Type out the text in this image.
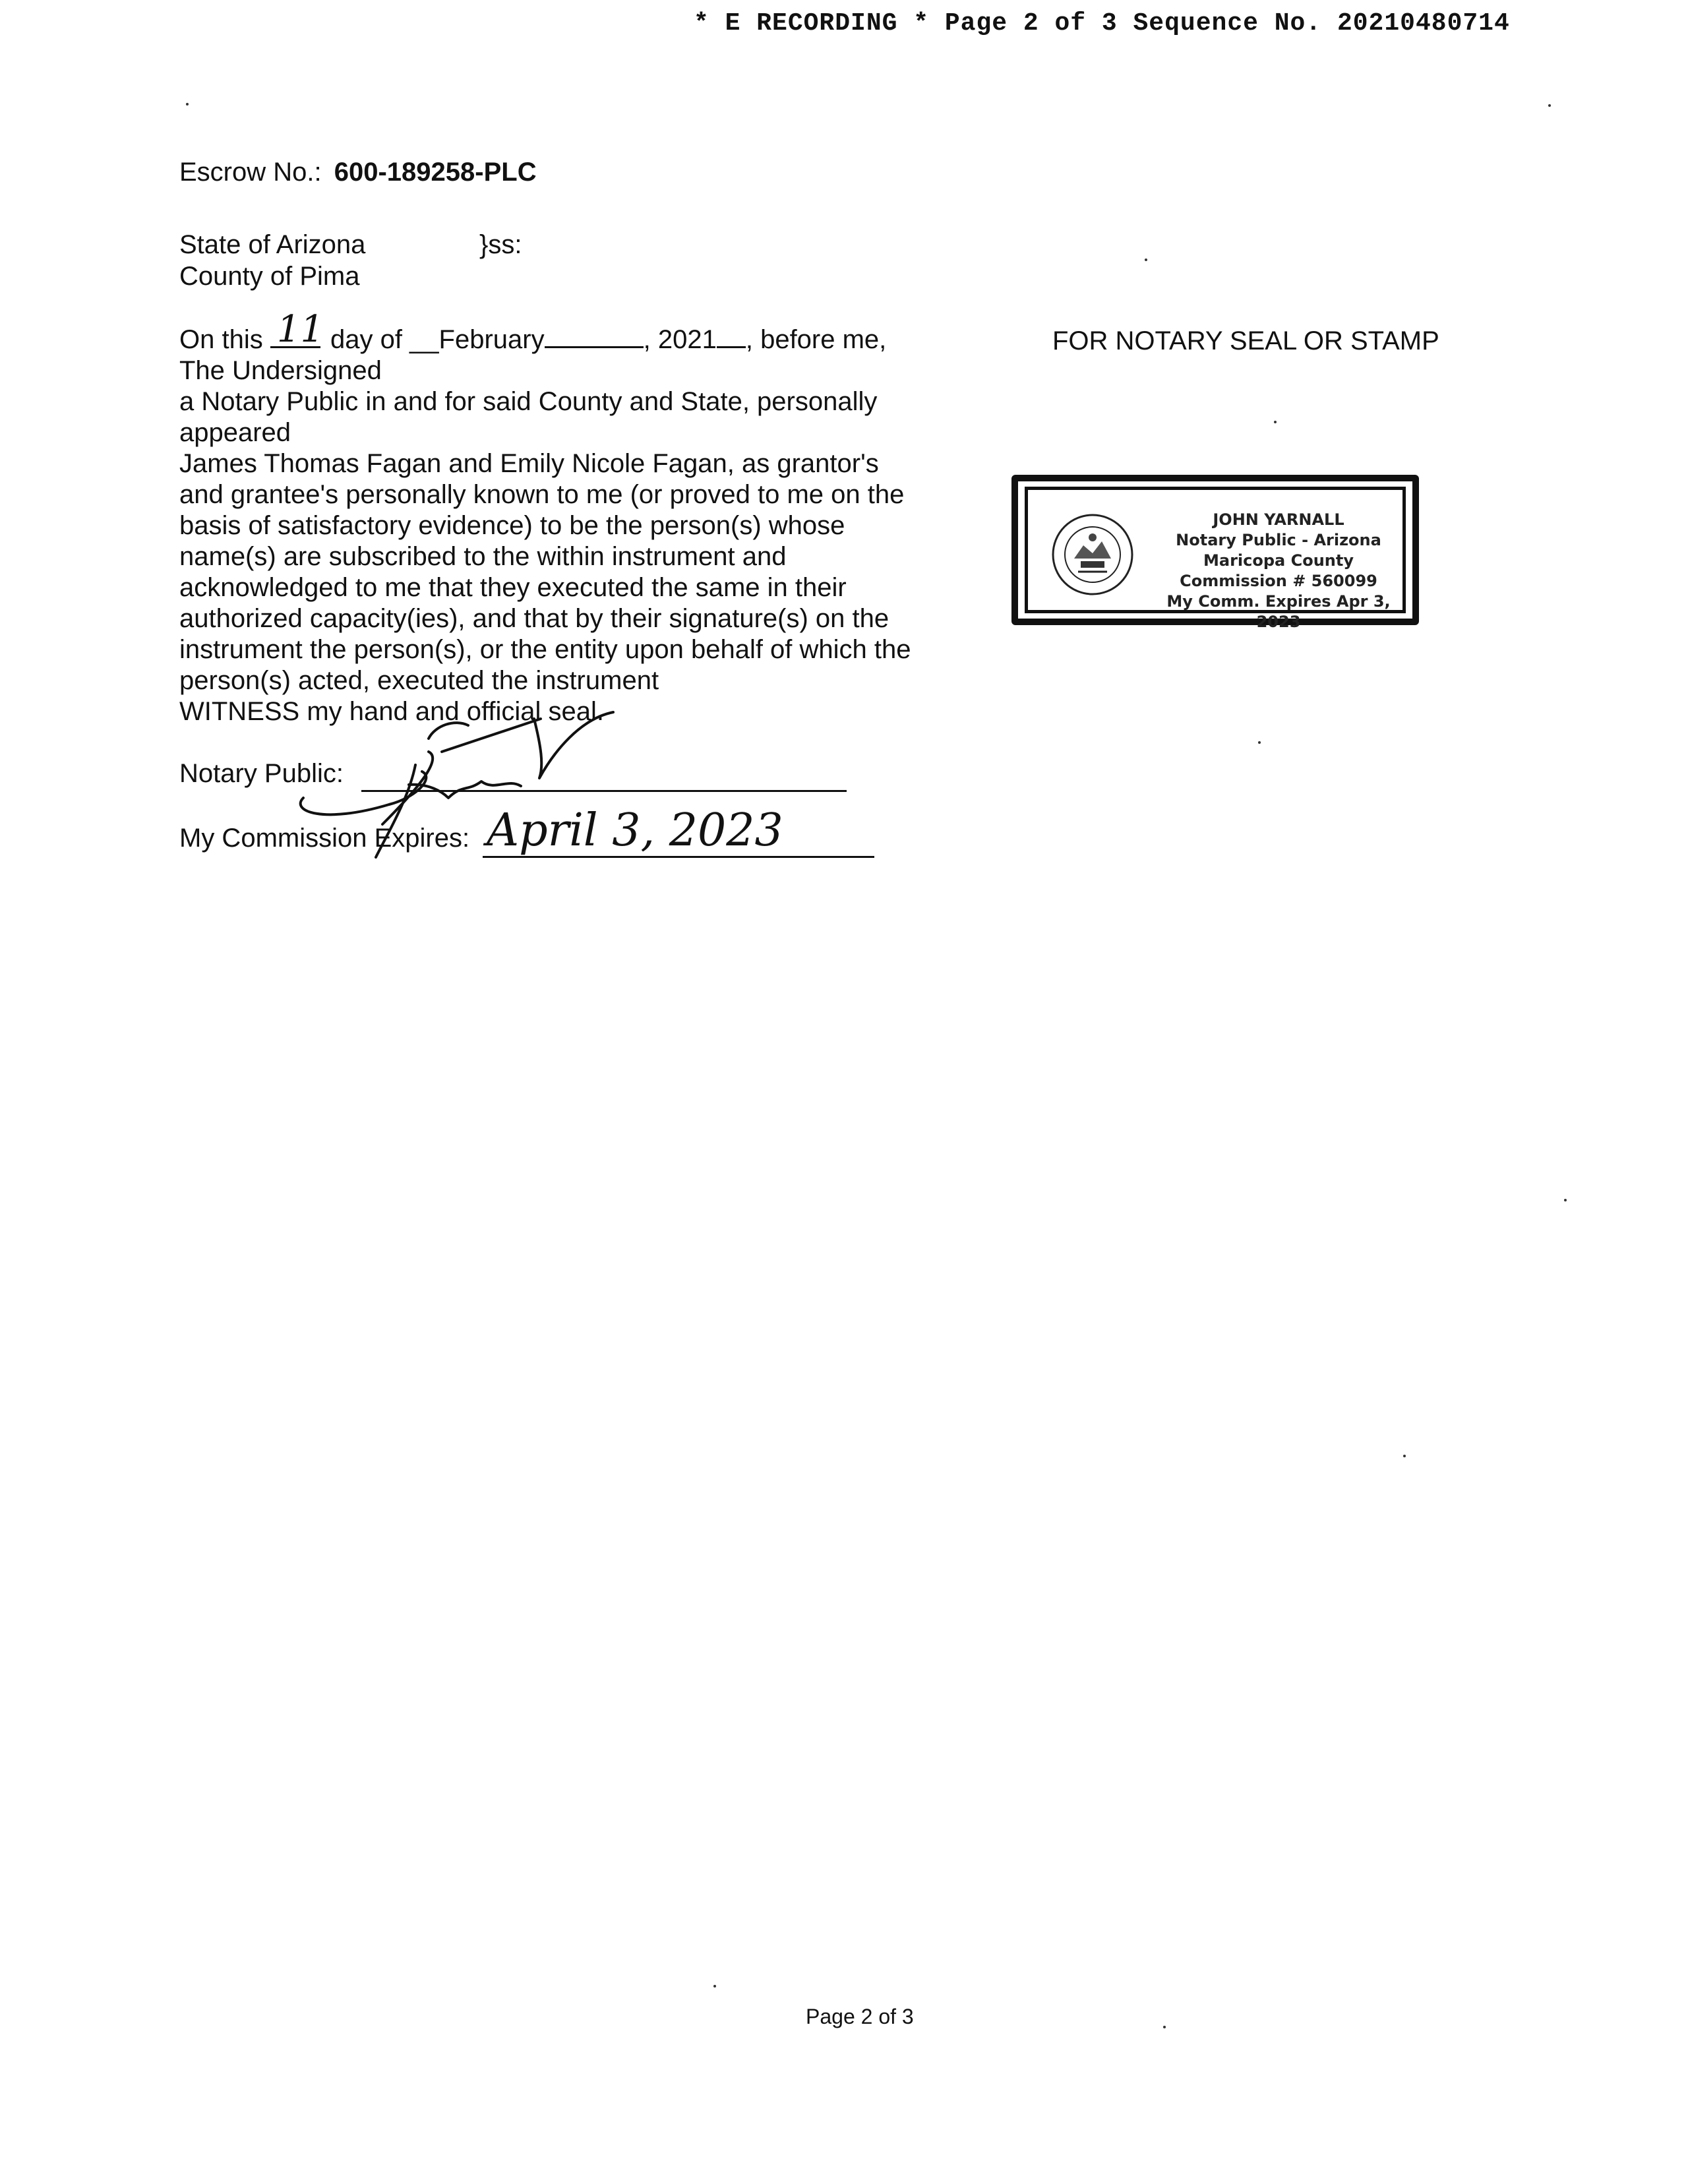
* E RECORDING * Page 2 of 3 Sequence No. 20210480714
Escrow No.: 600-189258-PLC
State of Arizona	}ss:
County of Pima
On this 11 day of __February	, 2021 , before me,
The Undersigned
a Notary Public in and for said County and State, personally
appeared
James Thomas Fagan and Emily Nicole Fagan, as grantor's
and grantee's personally known to me (or proved to me on the
basis of satisfactory evidence) to be the person(s) whose
name(s) are subscribed to the within instrument and
acknowledged to me that they executed the same in their
authorized capacity(ies), and that by their signature(s) on the
instrument the person(s), or the entity upon behalf of which the
person(s) acted, executed the instrument
WITNESS my hand and official seal.
Notary Public:
My Commission Expires: April 3, 2023
FOR NOTARY SEAL OR STAMP
JOHN YARNALL
Notary Public - Arizona
Maricopa County
Commission # 560099
My Comm. Expires Apr 3, 2023
Page 2 of 3
